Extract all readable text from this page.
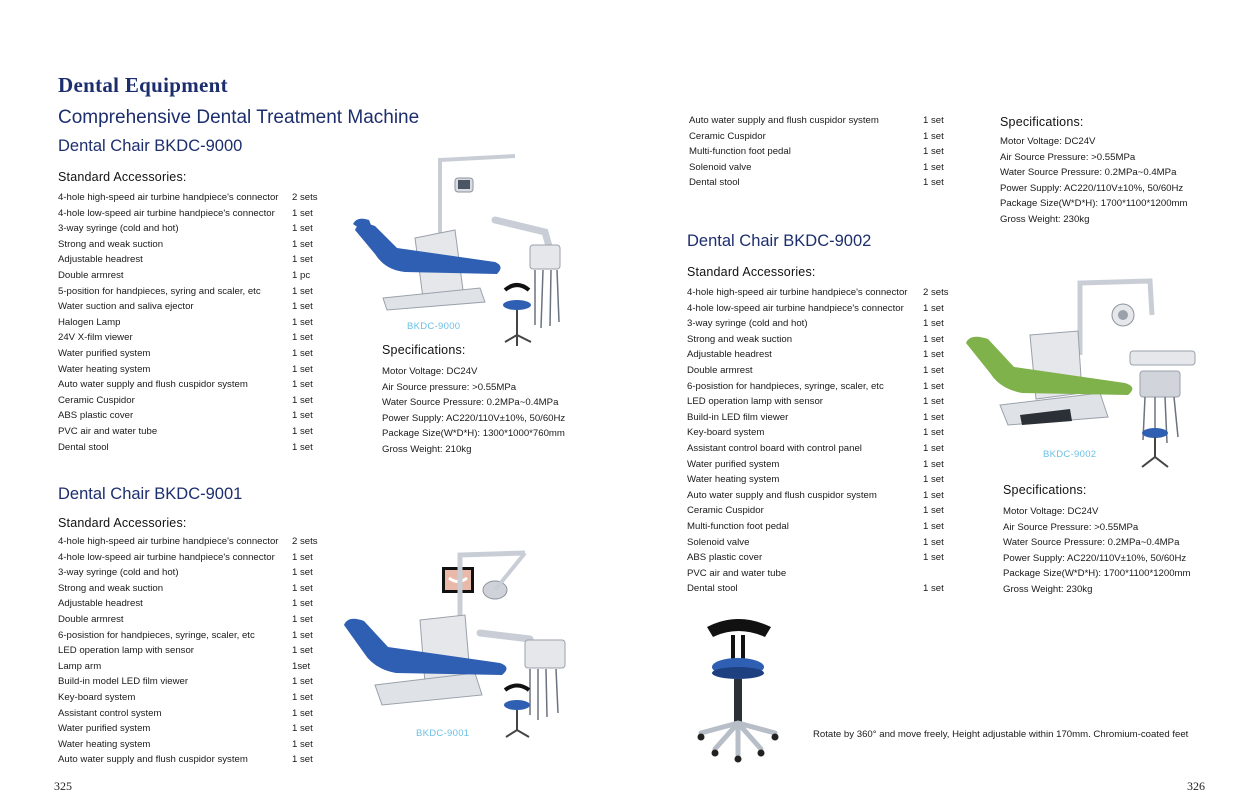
Dental Equipment
Comprehensive Dental Treatment Machine
Dental Chair BKDC-9000
Standard Accessories:
4-hole high-speed air turbine handpiece's connector 2 sets
4-hole low-speed air turbine handpiece's connector 1 set
3-way syringe (cold and hot)	1 set
Strong and weak suction	1 set
Adjustable headrest	1 set
Double armrest	1 pc
5-position for handpieces, syring and scaler, etc	1 set
Water suction and saliva ejector	1 set
Halogen Lamp	1 set
24V X-film viewer	1 set
Water purified system	1 set
Water heating system	1 set
Auto water supply and flush cuspidor system	1 set
Ceramic Cuspidor	1 set
ABS plastic cover	1 set
PVC air and water tube	1 set
Dental stool	1 set
BKDC-9000
Specifications:
Motor Voltage: DC24V
Air Source pressure: >0.55MPa
Water Source Pressure: 0.2MPa~0.4MPa
Power Supply: AC220/110V±10%, 50/60Hz
Package Size(W*D*H): 1300*1000*760mm
Gross Weight: 210kg
Dental Chair BKDC-9001
Standard Accessories:
4-hole high-speed air turbine handpiece's connector 2 sets
4-hole low-speed air turbine handpiece's connector 1 set
3-way syringe (cold and hot)	1 set
Strong and weak suction	1 set
Adjustable headrest	1 set
Double armrest	1 set
6-posistion for handpieces, syringe, scaler, etc	1 set
LED operation lamp with sensor	1 set
Lamp arm	1set
Build-in model LED film viewer	1 set
Key-board system	1 set
Assistant control system	1 set
Water purified system	1 set
Water heating system	1 set
Auto water supply and flush cuspidor system	1 set
BKDC-9001
325
Auto water supply and flush cuspidor system	1 set
Ceramic Cuspidor	1 set
Multi-function foot pedal	1 set
Solenoid valve	1 set
Dental stool	1 set
Specifications:
Motor Voltage: DC24V
Air Source Pressure: >0.55MPa
Water Source Pressure: 0.2MPa~0.4MPa
Power Supply: AC220/110V±10%, 50/60Hz
Package Size(W*D*H): 1700*1100*1200mm
Gross Weight: 230kg
Dental Chair BKDC-9002
Standard Accessories:
4-hole high-speed air turbine handpiece's connector 2 sets
4-hole low-speed air turbine handpiece's connector 1 set
3-way syringe (cold and hot)	1 set
Strong and weak suction	1 set
Adjustable headrest	1 set
Double armrest	1 set
6-posistion for handpieces, syringe, scaler, etc	1 set
LED operation lamp with sensor	1 set
Build-in LED film viewer	1 set
Key-board system	1 set
Assistant control board with control panel	1 set
Water purified system	1 set
Water heating system	1 set
Auto water supply and flush cuspidor system	1 set
Ceramic Cuspidor	1 set
Multi-function foot pedal	1 set
Solenoid valve	1 set
ABS plastic cover	1 set
PVC air and water tube
Dental stool	1 set
BKDC-9002
Specifications:
Motor Voltage: DC24V
Air Source Pressure: >0.55MPa
Water Source Pressure: 0.2MPa~0.4MPa
Power Supply: AC220/110V±10%, 50/60Hz
Package Size(W*D*H): 1700*1100*1200mm
Gross Weight: 230kg
Rotate by 360° and move freely, Height adjustable within 170mm. Chromium-coated feet
326
